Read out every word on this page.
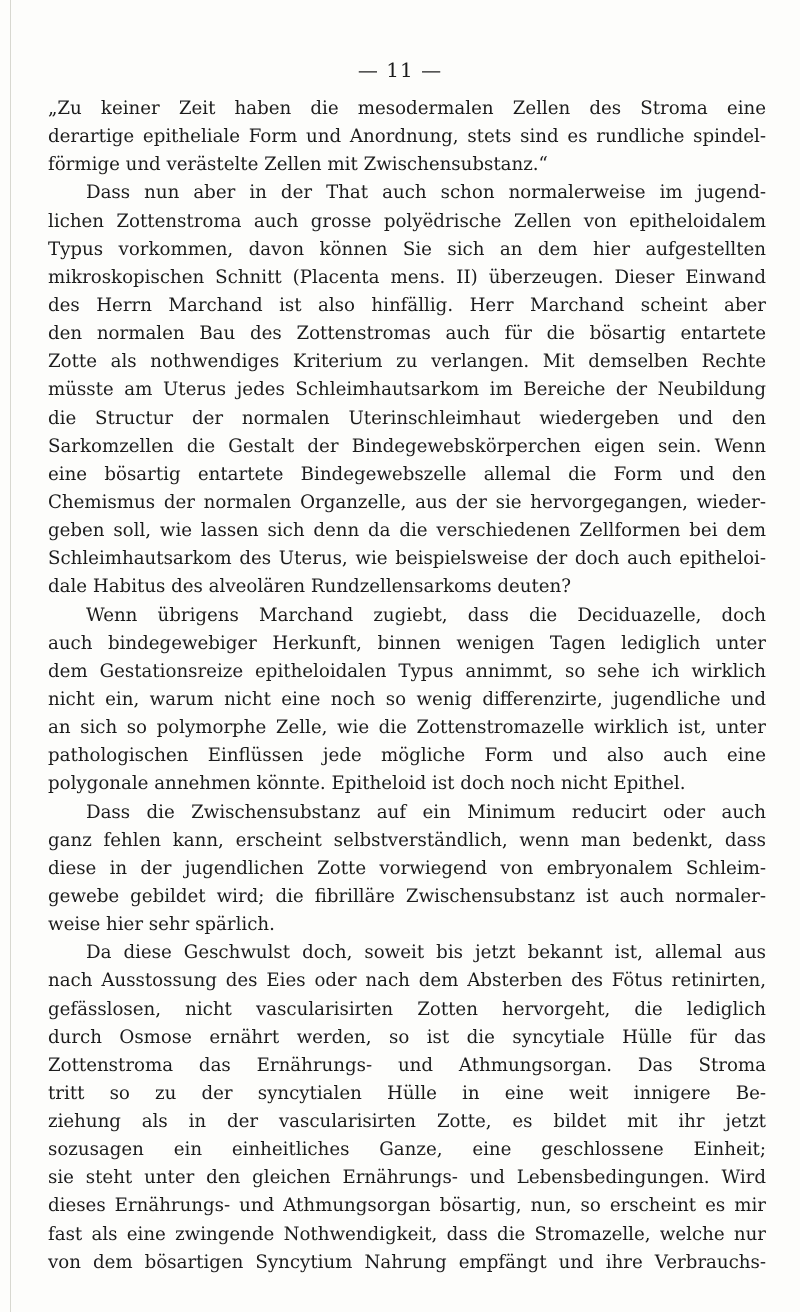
— 11 —
„Zu keiner Zeit haben die mesodermalen Zellen des Stroma eine
derartige epitheliale Form und Anordnung, stets sind es rundliche spindel-
förmige und verästelte Zellen mit Zwischensubstanz.“
Dass nun aber in der That auch schon normalerweise im jugend-
lichen Zottenstroma auch grosse polyëdrische Zellen von epitheloidalem
Typus vorkommen, davon können Sie sich an dem hier aufgestellten
mikroskopischen Schnitt (Placenta mens. II) überzeugen. Dieser Einwand
des Herrn Marchand ist also hinfällig. Herr Marchand scheint aber
den normalen Bau des Zottenstromas auch für die bösartig entartete
Zotte als nothwendiges Kriterium zu verlangen. Mit demselben Rechte
müsste am Uterus jedes Schleimhautsarkom im Bereiche der Neubildung
die Structur der normalen Uterinschleimhaut wiedergeben und den
Sarkomzellen die Gestalt der Bindegewebskörperchen eigen sein. Wenn
eine bösartig entartete Bindegewebszelle allemal die Form und den
Chemismus der normalen Organzelle, aus der sie hervorgegangen, wieder-
geben soll, wie lassen sich denn da die verschiedenen Zellformen bei dem
Schleimhautsarkom des Uterus, wie beispielsweise der doch auch epitheloi-
dale Habitus des alveolären Rundzellensarkoms deuten?
Wenn übrigens Marchand zugiebt, dass die Deciduazelle, doch
auch bindegewebiger Herkunft, binnen wenigen Tagen lediglich unter
dem Gestationsreize epitheloidalen Typus annimmt, so sehe ich wirklich
nicht ein, warum nicht eine noch so wenig differenzirte, jugendliche und
an sich so polymorphe Zelle, wie die Zottenstromazelle wirklich ist, unter
pathologischen Einflüssen jede mögliche Form und also auch eine
polygonale annehmen könnte. Epitheloid ist doch noch nicht Epithel.
Dass die Zwischensubstanz auf ein Minimum reducirt oder auch
ganz fehlen kann, erscheint selbstverständlich, wenn man bedenkt, dass
diese in der jugendlichen Zotte vorwiegend von embryonalem Schleim-
gewebe gebildet wird; die fibrilläre Zwischensubstanz ist auch normaler-
weise hier sehr spärlich.
Da diese Geschwulst doch, soweit bis jetzt bekannt ist, allemal aus
nach Ausstossung des Eies oder nach dem Absterben des Fötus retinirten,
gefässlosen, nicht vascularisirten Zotten hervorgeht, die lediglich
durch Osmose ernährt werden, so ist die syncytiale Hülle für das
Zottenstroma das Ernährungs- und Athmungsorgan. Das Stroma
tritt so zu der syncytialen Hülle in eine weit innigere Be-
ziehung als in der vascularisirten Zotte, es bildet mit ihr jetzt
sozusagen ein einheitliches Ganze, eine geschlossene Einheit;
sie steht unter den gleichen Ernährungs- und Lebensbedingungen. Wird
dieses Ernährungs- und Athmungsorgan bösartig, nun, so erscheint es mir
fast als eine zwingende Nothwendigkeit, dass die Stromazelle, welche nur
von dem bösartigen Syncytium Nahrung empfängt und ihre Verbrauchs-
